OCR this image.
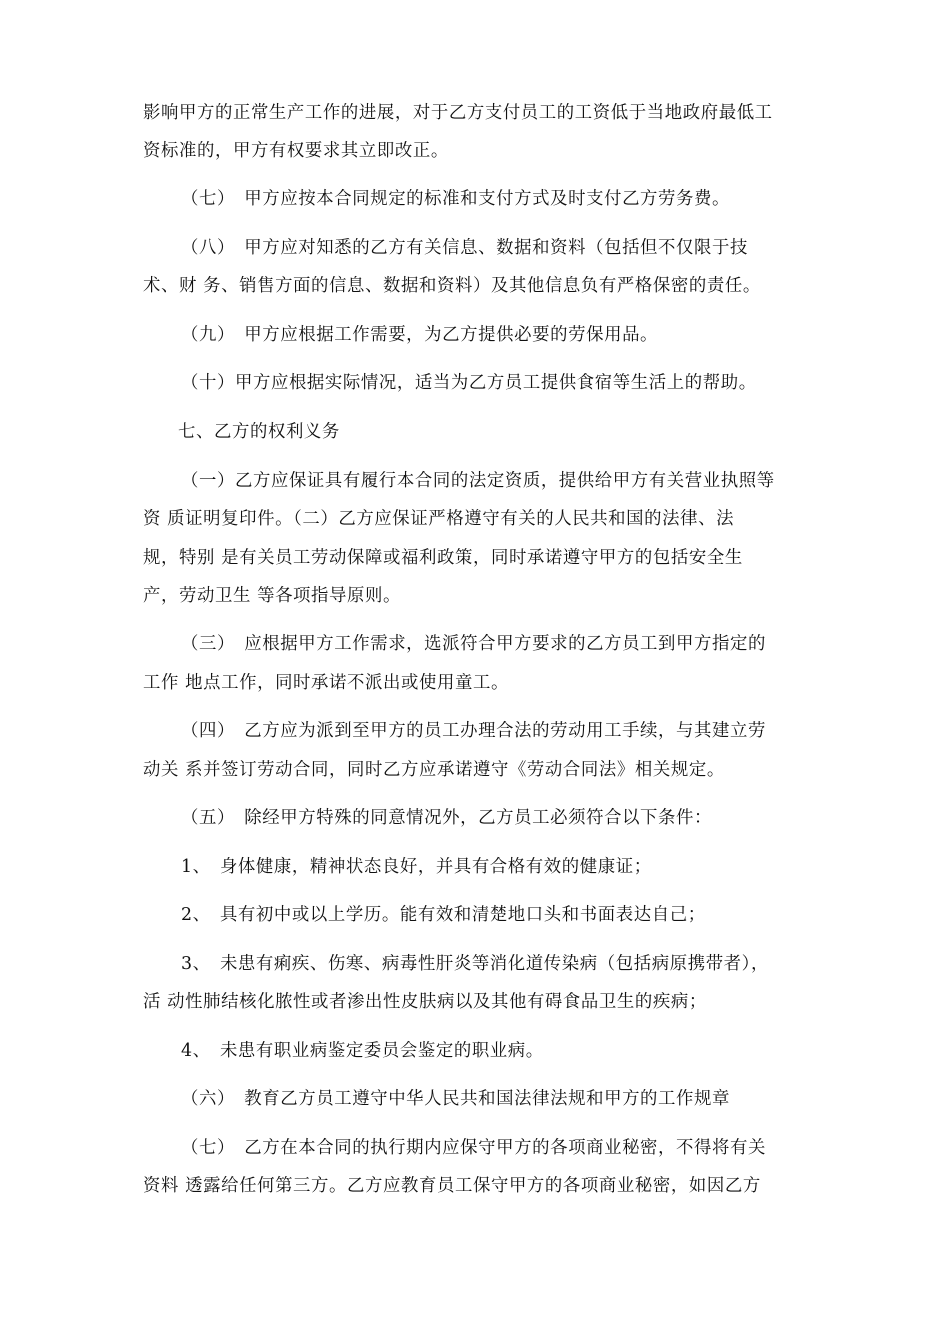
影响甲方的正常生产工作的进展，对于乙方支付员工的工资低于当地政府最低工
资标准的，甲方有权要求其立即改正。
（七）　甲方应按本合同规定的标准和支付方式及时支付乙方劳务费。
（八）　甲方应对知悉的乙方有关信息、数据和资料（包括但不仅限于技
术、财 务、销售方面的信息、数据和资料）及其他信息负有严格保密的责任。
（九）　甲方应根据工作需要，为乙方提供必要的劳保用品。
（十）甲方应根据实际情况，适当为乙方员工提供食宿等生活上的帮助。
七、乙方的权利义务
（一）乙方应保证具有履行本合同的法定资质，提供给甲方有关营业执照等
资 质证明复印件。（二）乙方应保证严格遵守有关的人民共和国的法律、法
规，特别 是有关员工劳动保障或福利政策，同时承诺遵守甲方的包括安全生
产，劳动卫生 等各项指导原则。
（三）　应根据甲方工作需求，选派符合甲方要求的乙方员工到甲方指定的
工作 地点工作，同时承诺不派出或使用童工。
（四）　乙方应为派到至甲方的员工办理合法的劳动用工手续，与其建立劳
动关 系并签订劳动合同，同时乙方应承诺遵守《劳动合同法》相关规定。
（五）　除经甲方特殊的同意情况外，乙方员工必须符合以下条件：
1、　身体健康，精神状态良好，并具有合格有效的健康证；
2、　具有初中或以上学历。能有效和清楚地口头和书面表达自己；
3、　未患有痢疾、伤寒、病毒性肝炎等消化道传染病（包括病原携带者），
活 动性肺结核化脓性或者渗出性皮肤病以及其他有碍食品卫生的疾病；
4、　未患有职业病鉴定委员会鉴定的职业病。
（六）　教育乙方员工遵守中华人民共和国法律法规和甲方的工作规章
（七）　乙方在本合同的执行期内应保守甲方的各项商业秘密，不得将有关
资料 透露给任何第三方。乙方应教育员工保守甲方的各项商业秘密，如因乙方
